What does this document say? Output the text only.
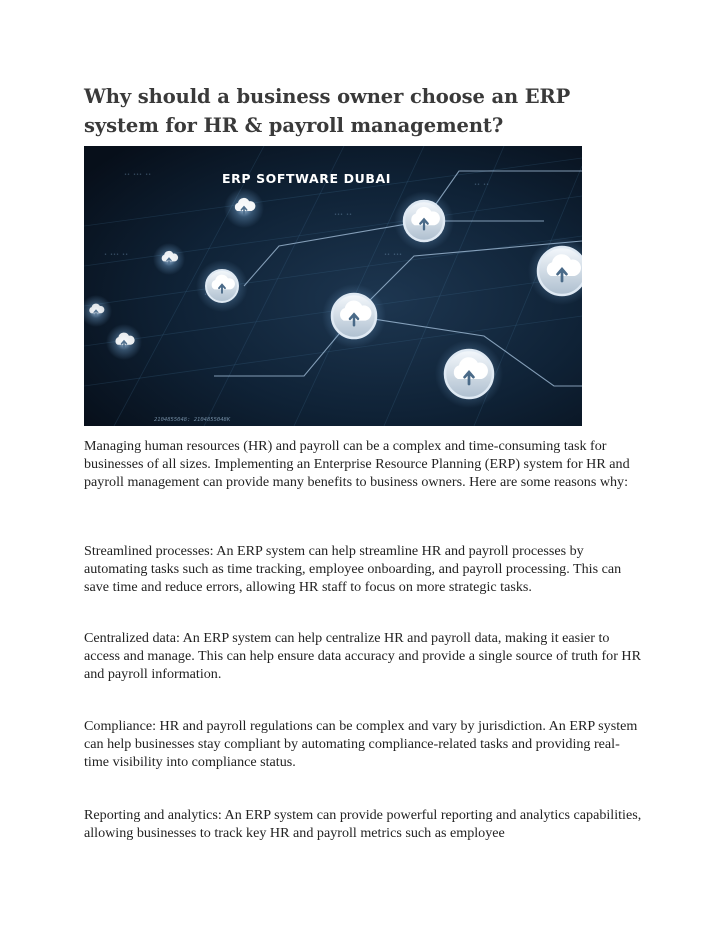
Why should a business owner choose an ERP system for HR & payroll management?
•• ••• ••
••• ••
•• •••
•• ••
• ••• ••
ERP SOFTWARE DUBAI
2104855048: 2104855048K

Managing human resources (HR) and payroll can be a complex and time-consuming task for businesses of all sizes. Implementing an Enterprise Resource Planning (ERP) system for HR and payroll management can provide many benefits to business owners. Here are some reasons why:

Streamlined processes: An ERP system can help streamline HR and payroll processes by automating tasks such as time tracking, employee onboarding, and payroll processing. This can save time and reduce errors, allowing HR staff to focus on more strategic tasks.

Centralized data: An ERP system can help centralize HR and payroll data, making it easier to access and manage. This can help ensure data accuracy and provide a single source of truth for HR and payroll information.

Compliance: HR and payroll regulations can be complex and vary by jurisdiction. An ERP system can help businesses stay compliant by automating compliance-related tasks and providing real-time visibility into compliance status.

Reporting and analytics: An ERP system can provide powerful reporting and analytics capabilities, allowing businesses to track key HR and payroll metrics such as employee
